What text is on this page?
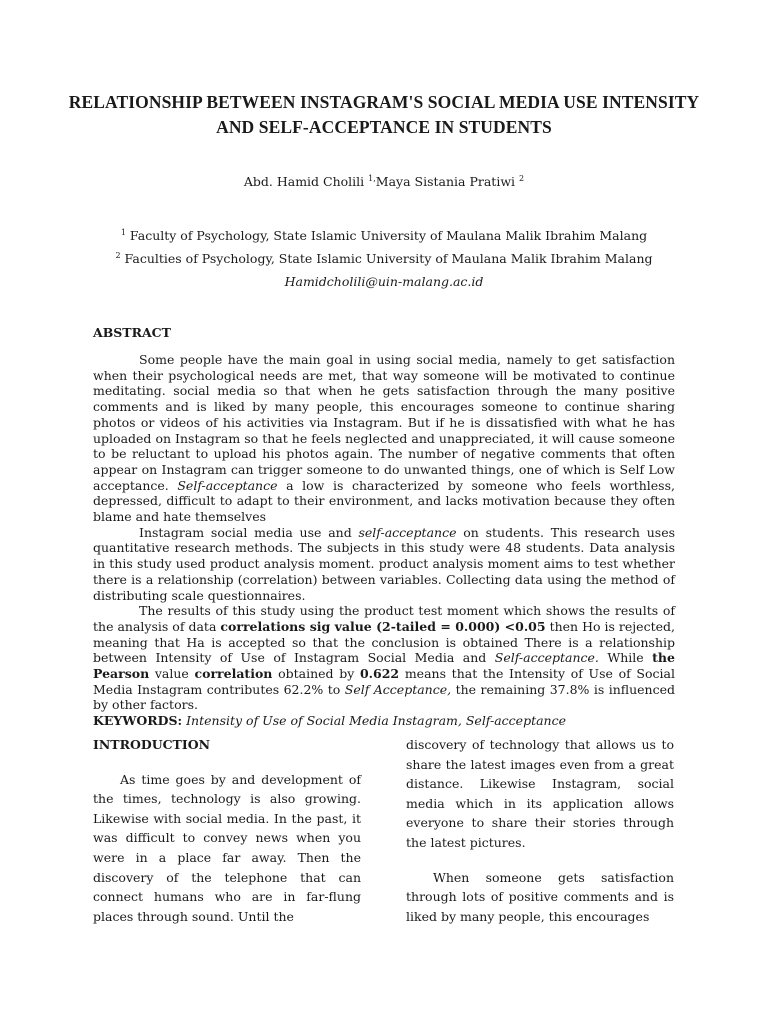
RELATIONSHIP BETWEEN INSTAGRAM'S SOCIAL MEDIA USE INTENSITY AND SELF-ACCEPTANCE IN STUDENTS

Abd. Hamid Cholili $^{1,}$Maya Sistania Pratiwi $^2$

$^1$ Faculty of Psychology, State Islamic University of Maulana Malik Ibrahim Malang

$^2$ Faculties of Psychology, State Islamic University of Maulana Malik Ibrahim Malang

Hamidcholili@uin-malang.ac.id

ABSTRACT

Some people have the main goal in using social media, namely to get satisfaction when their psychological needs are met, that way someone will be motivated to continue meditating. social media so that when he gets satisfaction through the many positive comments and is liked by many people, this encourages someone to continue sharing photos or videos of his activities via Instagram. But if he is dissatisfied with what he has uploaded on Instagram so that he feels neglected and unappreciated, it will cause someone to be reluctant to upload his photos again. The number of negative comments that often appear on Instagram can trigger someone to do unwanted things, one of which is Self Low acceptance. Self-acceptance a low is characterized by someone who feels worthless, depressed, difficult to adapt to their environment, and lacks motivation because they often blame and hate themselves

Instagram social media use and self-acceptance on students. This research uses quantitative research methods. The subjects in this study were 48 students. Data analysis in this study used product analysis moment. product analysis moment aims to test whether there is a relationship (correlation) between variables. Collecting data using the method of distributing scale questionnaires.

The results of this study using the product test moment which shows the results of the analysis of data correlations sig value (2-tailed = 0.000) <0.05 then Ho is rejected, meaning that Ha is accepted so that the conclusion is obtained There is a relationship between Intensity of Use of Instagram Social Media and Self-acceptance. While the Pearson value correlation obtained by 0.622 means that the Intensity of Use of Social Media Instagram contributes 62.2% to Self Acceptance, the remaining 37.8% is influenced by other factors.

KEYWORDS: Intensity of Use of Social Media Instagram, Self-acceptance

INTRODUCTION

As time goes by and development of the times, technology is also growing. Likewise with social media. In the past, it was difficult to convey news when you were in a place far away. Then the discovery of the telephone that can connect humans who are in far-flung places through sound. Until the

discovery of technology that allows us to share the latest images even from a great distance. Likewise Instagram, social media which in its application allows everyone to share their stories through the latest pictures.

When someone gets satisfaction through lots of positive comments and is liked by many people, this encourages
